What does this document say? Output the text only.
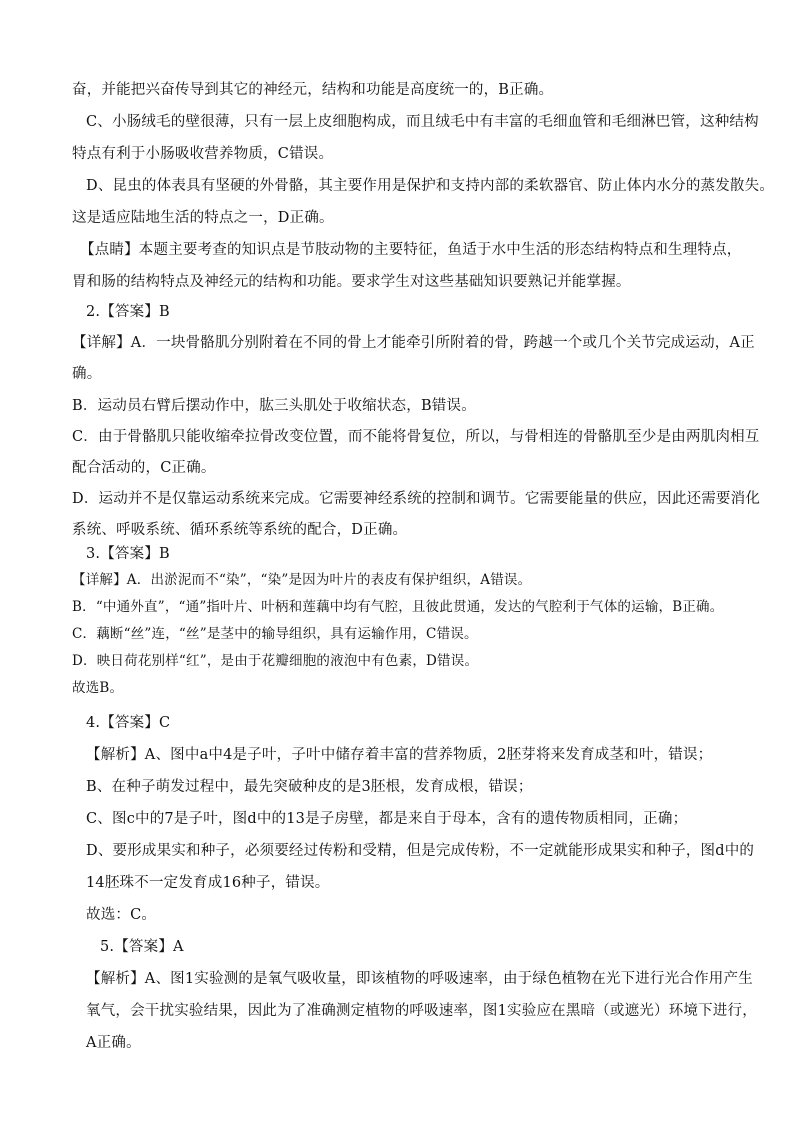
奋，并能把兴奋传导到其它的神经元，结构和功能是高度统一的，B正确。
C、小肠绒毛的壁很薄，只有一层上皮细胞构成，而且绒毛中有丰富的毛细血管和毛细淋巴管，这种结构
特点有利于小肠吸收营养物质，C错误。
D、昆虫的体表具有坚硬的外骨骼，其主要作用是保护和支持内部的柔软器官、防止体内水分的蒸发散失。
这是适应陆地生活的特点之一，D正确。
【点睛】本题主要考查的知识点是节肢动物的主要特征，鱼适于水中生活的形态结构特点和生理特点，
胃和肠的结构特点及神经元的结构和功能。要求学生对这些基础知识要熟记并能掌握。
2.【答案】B
【详解】A．一块骨骼肌分别附着在不同的骨上才能牵引所附着的骨，跨越一个或几个关节完成运动，A正
确。
B．运动员右臂后摆动作中，肱三头肌处于收缩状态，B错误。
C．由于骨骼肌只能收缩牵拉骨改变位置，而不能将骨复位，所以，与骨相连的骨骼肌至少是由两肌肉相互
配合活动的，C正确。
D．运动并不是仅靠运动系统来完成。它需要神经系统的控制和调节。它需要能量的供应，因此还需要消化
系统、呼吸系统、循环系统等系统的配合，D正确。
3.【答案】B
【详解】A．出淤泥而不“染”，“染”是因为叶片的表皮有保护组织，A错误。
B．“中通外直”，“通”指叶片、叶柄和莲藕中均有气腔，且彼此贯通，发达的气腔利于气体的运输，B正确。
C．藕断“丝”连，“丝”是茎中的输导组织，具有运输作用，C错误。
D．映日荷花别样“红”，是由于花瓣细胞的液泡中有色素，D错误。
故选B。
4.【答案】C
【解析】A、图中a中4是子叶，子叶中储存着丰富的营养物质，2胚芽将来发育成茎和叶，错误；
B、在种子萌发过程中，最先突破种皮的是3胚根，发育成根，错误；
C、图c中的7是子叶，图d中的13是子房壁，都是来自于母本，含有的遗传物质相同，正确；
D、要形成果实和种子，必须要经过传粉和受精，但是完成传粉，不一定就能形成果实和种子，图d中的
14胚珠不一定发育成16种子，错误。
故选：C。
5.【答案】A
【解析】A、图1实验测的是氧气吸收量，即该植物的呼吸速率，由于绿色植物在光下进行光合作用产生
氧气，会干扰实验结果，因此为了准确测定植物的呼吸速率，图1实验应在黑暗（或遮光）环境下进行，
A正确。
